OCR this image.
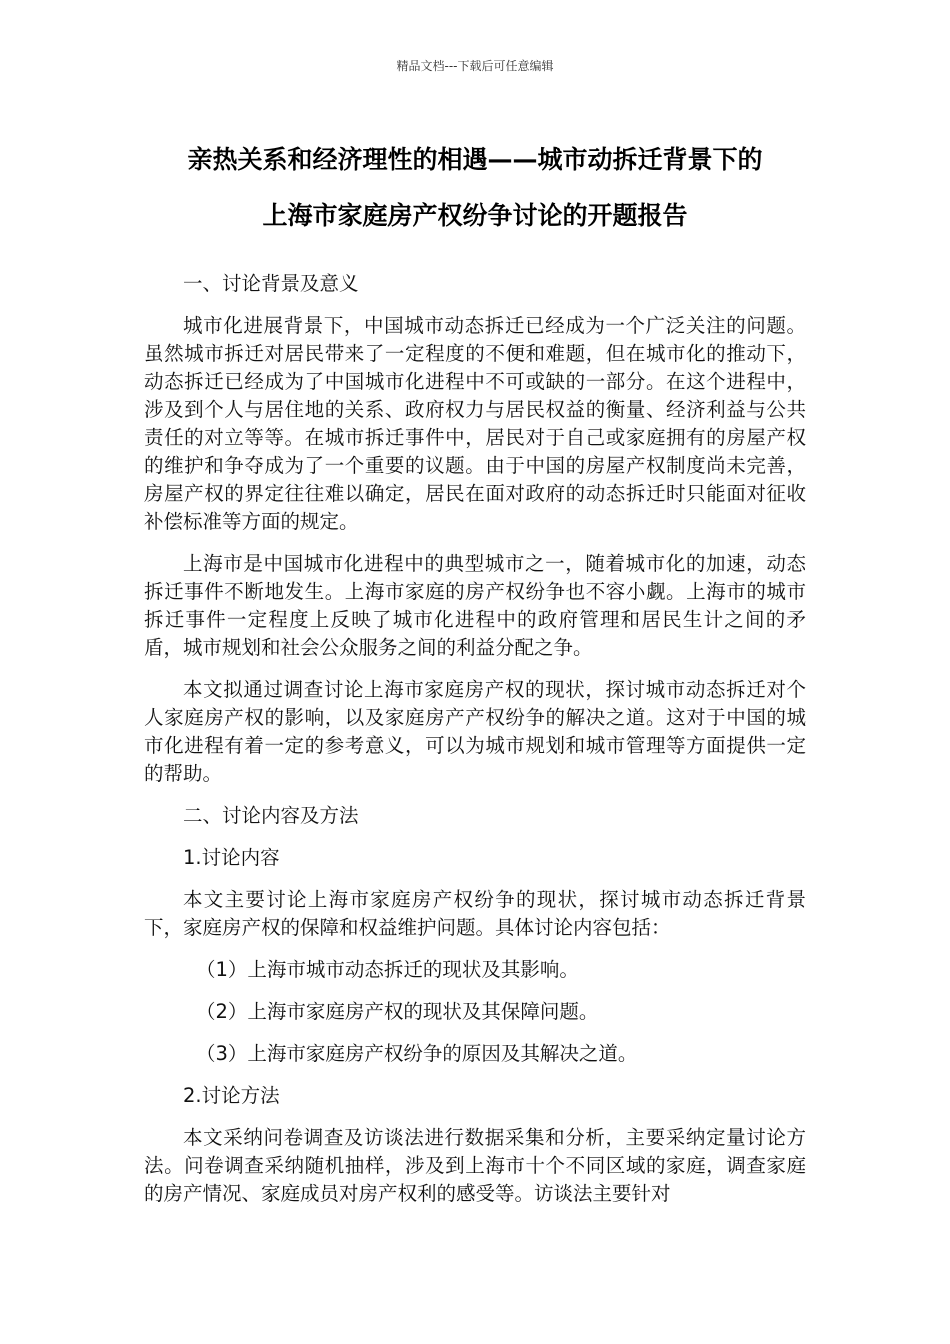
精品文档---下载后可任意编辑
亲热关系和经济理性的相遇——城市动拆迁背景下的
上海市家庭房产权纷争讨论的开题报告

一、讨论背景及意义

城市化进展背景下，中国城市动态拆迁已经成为一个广泛关注的问题。虽然城市拆迁对居民带来了一定程度的不便和难题，但在城市化的推动下，动态拆迁已经成为了中国城市化进程中不可或缺的一部分。在这个进程中，涉及到个人与居住地的关系、政府权力与居民权益的衡量、经济利益与公共责任的对立等等。在城市拆迁事件中，居民对于自己或家庭拥有的房屋产权的维护和争夺成为了一个重要的议题。由于中国的房屋产权制度尚未完善，房屋产权的界定往往难以确定，居民在面对政府的动态拆迁时只能面对征收补偿标准等方面的规定。

上海市是中国城市化进程中的典型城市之一，随着城市化的加速，动态拆迁事件不断地发生。上海市家庭的房产权纷争也不容小觑。上海市的城市拆迁事件一定程度上反映了城市化进程中的政府管理和居民生计之间的矛盾，城市规划和社会公众服务之间的利益分配之争。

本文拟通过调查讨论上海市家庭房产权的现状，探讨城市动态拆迁对个人家庭房产权的影响，以及家庭房产产权纷争的解决之道。这对于中国的城市化进程有着一定的参考意义，可以为城市规划和城市管理等方面提供一定的帮助。

二、讨论内容及方法

1.讨论内容

本文主要讨论上海市家庭房产权纷争的现状，探讨城市动态拆迁背景下，家庭房产权的保障和权益维护问题。具体讨论内容包括：

（1）上海市城市动态拆迁的现状及其影响。

（2）上海市家庭房产权的现状及其保障问题。

（3）上海市家庭房产权纷争的原因及其解决之道。

2.讨论方法

本文采纳问卷调查及访谈法进行数据采集和分析，主要采纳定量讨论方法。问卷调查采纳随机抽样，涉及到上海市十个不同区域的家庭，调查家庭的房产情况、家庭成员对房产权利的感受等。访谈法主要针对
